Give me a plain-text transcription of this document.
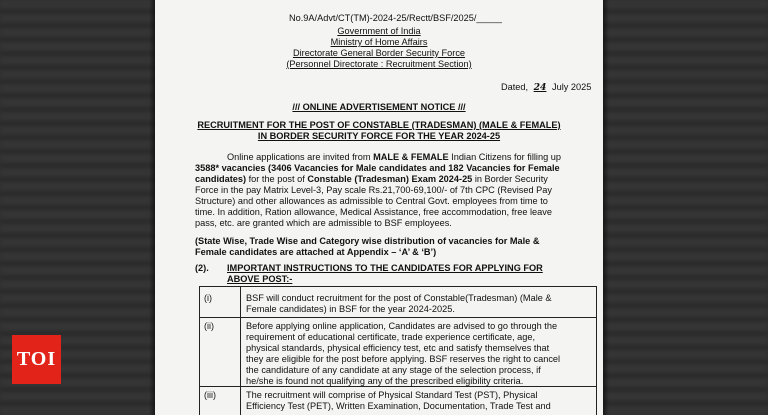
No.9A/Advt/CT(TM)-2024-25/Rectt/BSF/2025/_____
Government of India
Ministry of Home Affairs
Directorate General Border Security Force
(Personnel Directorate : Recruitment Section)
Dated, 24 July 2025
/// ONLINE ADVERTISEMENT NOTICE ///
RECRUITMENT FOR THE POST OF CONSTABLE (TRADESMAN) (MALE & FEMALE)
IN BORDER SECURITY FORCE FOR THE YEAR 2024-25
Online applications are invited from MALE & FEMALE Indian Citizens for filling up
3588* vacancies (3406 Vacancies for Male candidates and 182 Vacancies for Female
candidates) for the post of Constable (Tradesman) Exam 2024-25 in Border Security
Force in the pay Matrix Level-3, Pay scale Rs.21,700-69,100/- of 7th CPC (Revised Pay
Structure) and other allowances as admissible to Central Govt. employees from time to
time. In addition, Ration allowance, Medical Assistance, free accommodation, free leave
pass, etc. are granted which are admissible to BSF employees.
(State Wise, Trade Wise and Category wise distribution of vacancies for Male &
Female candidates are attached at Appendix – ‘A’ & ‘B’)
(2). IMPORTANT INSTRUCTIONS TO THE CANDIDATES FOR APPLYING FOR
ABOVE POST:-
(i)	BSF will conduct recruitment for the post of Constable(Tradesman) (Male &
Female candidates) in BSF for the year 2024-2025.
(ii)	Before applying online application, Candidates are advised to go through the
requirement of educational certificate, trade experience certificate, age,
physical standards, physical efficiency test, etc and satisfy themselves that
they are eligible for the post before applying. BSF reserves the right to cancel
the candidature of any candidate at any stage of the selection process, if
he/she is found not qualifying any of the prescribed eligibility criteria.
(iii)	The recruitment will comprise of Physical Standard Test (PST), Physical
Efficiency Test (PET), Written Examination, Documentation, Trade Test and
TOI
